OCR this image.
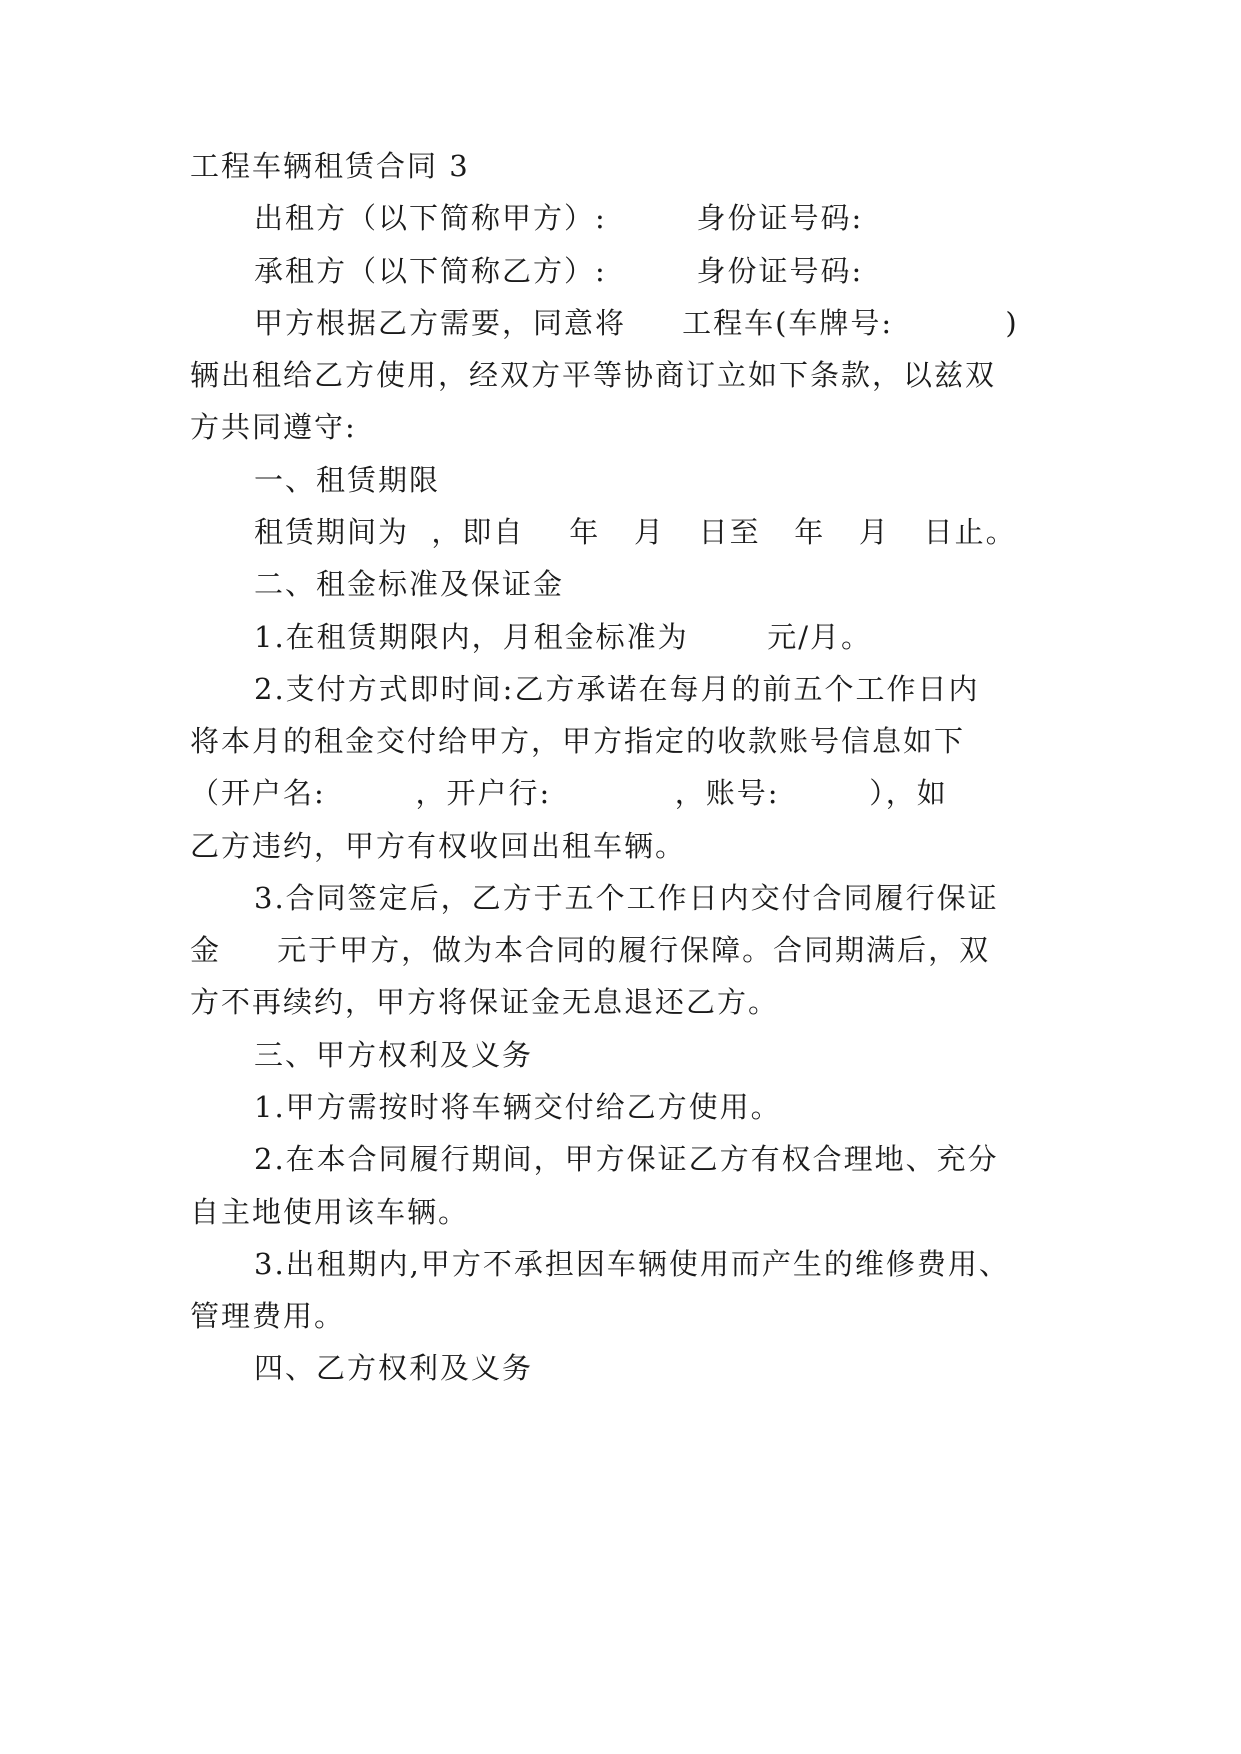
工程车辆租赁合同 3
出租方（以下简称甲方）:        身份证号码:
承租方（以下简称乙方）:        身份证号码:
甲方根据乙方需要，同意将     工程车(车牌号:          )
辆出租给乙方使用，经双方平等协商订立如下条款，以兹双
方共同遵守:
一、租赁期限
租赁期间为  ，即自    年   月   日至   年   月   日止。
二、租金标准及保证金
1.在租赁期限内，月租金标准为       元/月。
2.支付方式即时间:乙方承诺在每月的前五个工作日内
将本月的租金交付给甲方，甲方指定的收款账号信息如下
（开户名:        ，开户行:           ，账号:        ），如
乙方违约，甲方有权收回出租车辆。
3.合同签定后，乙方于五个工作日内交付合同履行保证
金     元于甲方，做为本合同的履行保障。合同期满后，双
方不再续约，甲方将保证金无息退还乙方。
三、甲方权利及义务
1.甲方需按时将车辆交付给乙方使用。
2.在本合同履行期间，甲方保证乙方有权合理地、充分
自主地使用该车辆。
3.出租期内,甲方不承担因车辆使用而产生的维修费用、
管理费用。
四、乙方权利及义务
